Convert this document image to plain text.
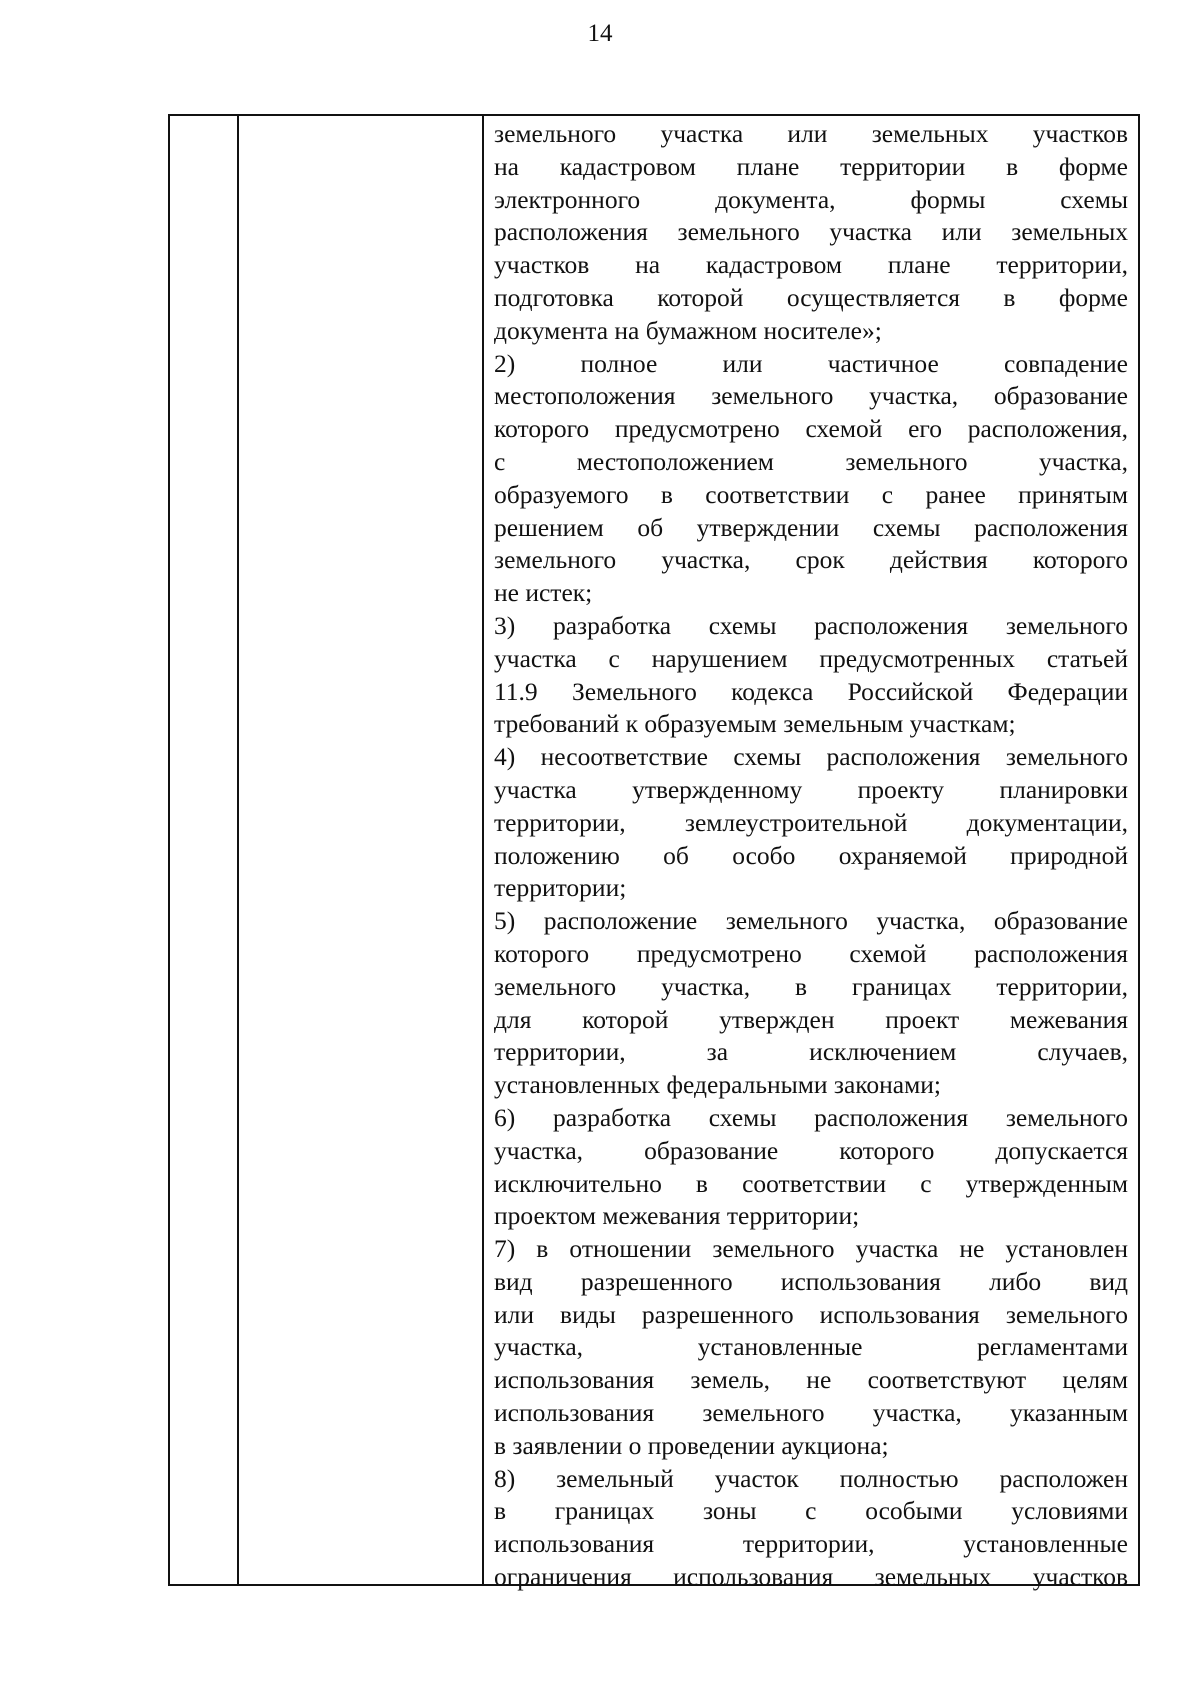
14
земельного участка или земельных участков
на кадастровом плане территории в форме
электронного документа, формы схемы
расположения земельного участка или земельных
участков на кадастровом плане территории,
подготовка которой осуществляется в форме
документа на бумажном носителе»;
2) полное или частичное совпадение
местоположения земельного участка, образование
которого предусмотрено схемой его расположения,
с местоположением земельного участка,
образуемого в соответствии с ранее принятым
решением об утверждении схемы расположения
земельного участка, срок действия которого
не истек;
3) разработка схемы расположения земельного
участка с нарушением предусмотренных статьей
11.9 Земельного кодекса Российской Федерации
требований к образуемым земельным участкам;
4) несоответствие схемы расположения земельного
участка утвержденному проекту планировки
территории, землеустроительной документации,
положению об особо охраняемой природной
территории;
5) расположение земельного участка, образование
которого предусмотрено схемой расположения
земельного участка, в границах территории,
для которой утвержден проект межевания
территории, за исключением случаев,
установленных федеральными законами;
6) разработка схемы расположения земельного
участка, образование которого допускается
исключительно в соответствии с утвержденным
проектом межевания территории;
7) в отношении земельного участка не установлен
вид разрешенного использования либо вид
или виды разрешенного использования земельного
участка, установленные регламентами
использования земель, не соответствуют целям
использования земельного участка, указанным
в заявлении о проведении аукциона;
8) земельный участок полностью расположен
в границах зоны с особыми условиями
использования территории, установленные
ограничения использования земельных участков
